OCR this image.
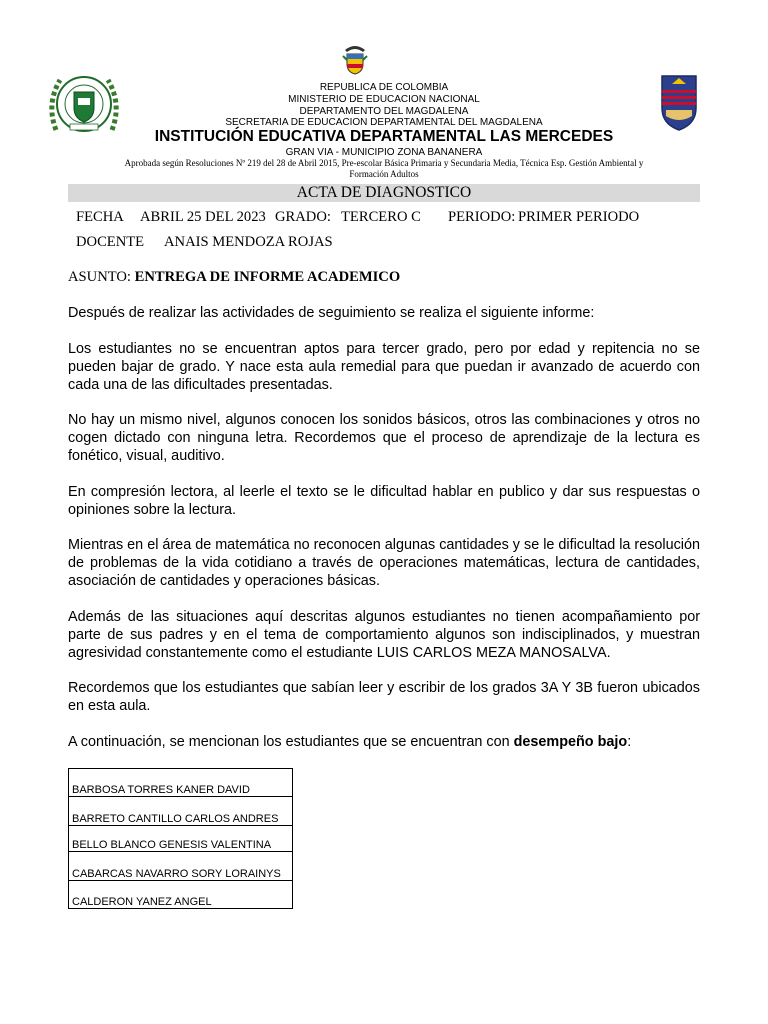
REPUBLICA DE COLOMBIA
MINISTERIO DE EDUCACION NACIONAL
DEPARTAMENTO DEL MAGDALENA
SECRETARIA DE EDUCACION DEPARTAMENTAL DEL MAGDALENA
INSTITUCIÓN EDUCATIVA DEPARTAMENTAL LAS MERCEDES
GRAN VIA - MUNICIPIO ZONA BANANERA
Aprobada según Resoluciones Nº 219 del 28 de Abril 2015, Pre-escolar Básica Primaria y Secundaria Media, Técnica Esp. Gestión Ambiental y
Formación Adultos
ACTA DE DIAGNOSTICO
FECHA ABRIL 25 DEL 2023 GRADO: TERCERO C PERIODO: PRIMER PERIODO
DOCENTE ANAIS MENDOZA ROJAS
ASUNTO: ENTREGA DE INFORME ACADEMICO

Después de realizar las actividades de seguimiento se realiza el siguiente informe:

Los estudiantes no se encuentran aptos para tercer grado, pero por edad y repitencia no se pueden bajar de grado. Y nace esta aula remedial para que puedan ir avanzado de acuerdo con cada una de las dificultades presentadas.

No hay un mismo nivel, algunos conocen los sonidos básicos, otros las combinaciones y otros no cogen dictado con ninguna letra. Recordemos que el proceso de aprendizaje de la lectura es fonético, visual, auditivo.

En compresión lectora, al leerle el texto se le dificultad hablar en publico y dar sus respuestas o opiniones sobre la lectura.

Mientras en el área de matemática no reconocen algunas cantidades y se le dificultad la resolución de problemas de la vida cotidiano a través de operaciones matemáticas, lectura de cantidades, asociación de cantidades y operaciones básicas.

Además de las situaciones aquí descritas algunos estudiantes no tienen acompañamiento por parte de sus padres y en el tema de comportamiento algunos son indisciplinados, y muestran agresividad constantemente como el estudiante LUIS CARLOS MEZA MANOSALVA.

Recordemos que los estudiantes que sabían leer y escribir de los grados 3A Y 3B fueron ubicados en esta aula.

A continuación, se mencionan los estudiantes que se encuentran con desempeño bajo:

BARBOSA TORRES KANER DAVID
BARRETO CANTILLO CARLOS ANDRES
BELLO BLANCO GENESIS VALENTINA
CABARCAS NAVARRO SORY LORAINYS
CALDERON YANEZ ANGEL
